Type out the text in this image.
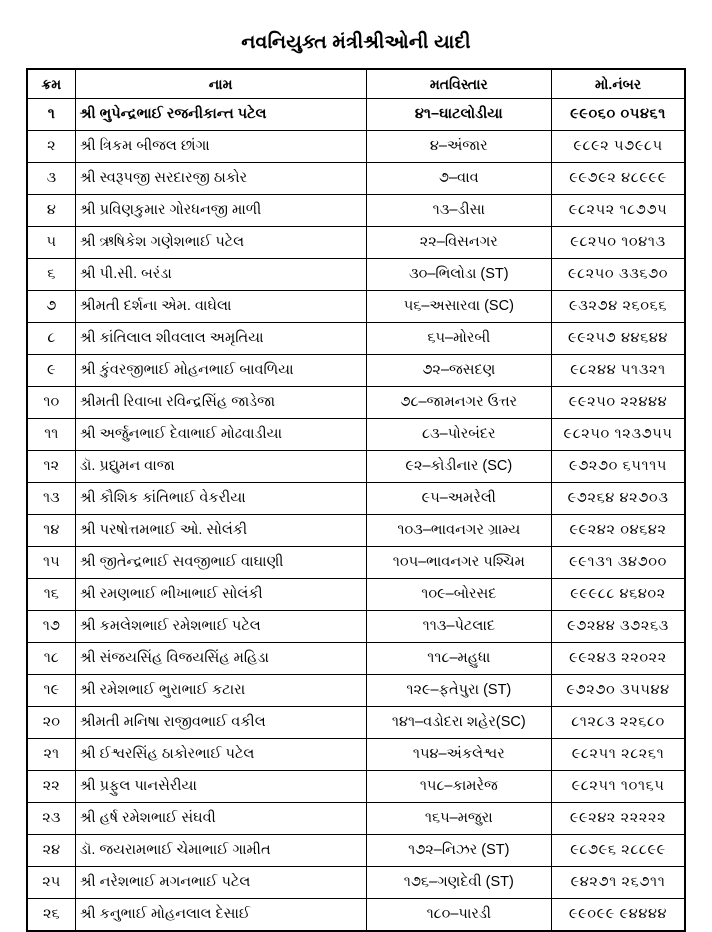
નવનિયુક્ત મંત્રીશ્રીઓની યાદી
ક્રમ	નામ	મતવિસ્તાર	મો.નંબર
૧	શ્રી ભુપેન્દ્રભાઈ રજનીકાન્ત પટેલ	૪૧–ઘાટલોડીયા	૯૯૦૬૦ ૦૫૪૬૧
૨	શ્રી ત્રિકમ બીજલ છાંગા	૪–અંજાર	૯૮૯૨ ૫૭૯૮૫
૩	શ્રી સ્વરૂપજી સરદારજી ઠાકોર	૭–વાવ	૯૯૭૯૨ ૪૮૯૯૯
૪	શ્રી પ્રવિણકુમાર ગોરધનજી માળી	૧૩–ડીસા	૯૮૨૫૨ ૧૮૭૭૫
૫	શ્રી ઋષિકેશ ગણેશભાઈ પટેલ	૨૨–વિસનગર	૯૮૨૫૦ ૧૦૪૧૩
૬	શ્રી પી.સી. બરંડા	૩૦–ભિલોડા (ST)	૯૮૨૫૦ ૩૩૬૭૦
૭	શ્રીમતી દર્શના એમ. વાઘેલા	૫૬–અસારવા (SC)	૯૩૨૭૪ ૨૬૦૬૬
૮	શ્રી કાંતિલાલ શીવલાલ અમૃતિયા	૬૫–મોરબી	૯૯૨૫૭ ૪૪૬૪૪
૯	શ્રી કુંવરજીભાઈ મોહનભાઈ બાવળિયા	૭૨–જસદણ	૯૮૨૪૪ ૫૧૩૨૧
૧૦	શ્રીમતી રિવાબા રવિન્દ્રસિંહ જાડેજા	૭૮–જામનગર ઉત્તર	૯૯૨૫૦ ૨૨૪૪૪
૧૧	શ્રી અર્જુનભાઈ દેવાભાઈ મોઢવાડીયા	૮૩–પોરબંદર	૯૮૨૫૦ ૧૨૩૭૫૫
૧૨	ડૉ. પ્રદ્યુમન વાજા	૯૨–કોડીનાર (SC)	૯૭૨૭૦ ૬૫૧૧૫
૧૩	શ્રી કૌશિક કાંતિભાઈ વેકરીયા	૯૫–અમરેલી	૯૭૨૬૪ ૪૨૭૦૩
૧૪	શ્રી પરષોત્તમભાઈ ઓ. સોલંકી	૧૦૩–ભાવનગર ગ્રામ્ય	૯૯૨૪૨ ૦૪૬૪૨
૧૫	શ્રી જીતેન્દ્રભાઈ સવજીભાઈ વાઘાણી	૧૦૫–ભાવનગર પશ્ચિમ	૯૯૧૩૧ ૩૪૭૦૦
૧૬	શ્રી રમણભાઈ ભીખાભાઈ સોલંકી	૧૦૯–બોરસદ	૯૯૯૮૮ ૪૬૪૦૨
૧૭	શ્રી કમલેશભાઈ રમેશભાઈ પટેલ	૧૧૩–પેટલાદ	૯૭૨૪૪ ૩૭૨૬૩
૧૮	શ્રી સંજયસિંહ વિજયસિંહ મહિડા	૧૧૮–મહુધા	૯૯૨૪૩ ૨૨૦૨૨
૧૯	શ્રી રમેશભાઈ ભુરાભાઈ કટારા	૧૨૯–ફતેપુરા (ST)	૯૭૨૭૦ ૩૫૫૪૪
૨૦	શ્રીમતી મનિષા રાજીવભાઈ વકીલ	૧૪૧–વડોદરા શહેર(SC)	૮૧૨૮૩ ૨૨૬૮૦
૨૧	શ્રી ઈશ્વરસિંહ ઠાકોરભાઈ પટેલ	૧૫૪–અંકલેશ્વર	૯૮૨૫૧ ૨૮૨૬૧
૨૨	શ્રી પ્રફુલ પાનસેરીયા	૧૫૮–કામરેજ	૯૮૨૫૧ ૧૦૧૬૫
૨૩	શ્રી હર્ષ રમેશભાઈ સંઘવી	૧૬૫–મજુરા	૯૯૨૪૨ ૨૨૨૨૨
૨૪	ડૉ. જયરામભાઈ ચેમાભાઈ ગામીત	૧૭૨–નિઝર (ST)	૯૮૭૯૬ ૨૮૮૯૯
૨૫	શ્રી નરેશભાઈ મગનભાઈ પટેલ	૧૭૬–ગણદેવી (ST)	૯૪૨૭૧ ૨૬૭૧૧
૨૬	શ્રી કનુભાઈ મોહનલાલ દેસાઈ	૧૮૦–પારડી	૯૯૦૯૯ ૯૪૪૪૪
